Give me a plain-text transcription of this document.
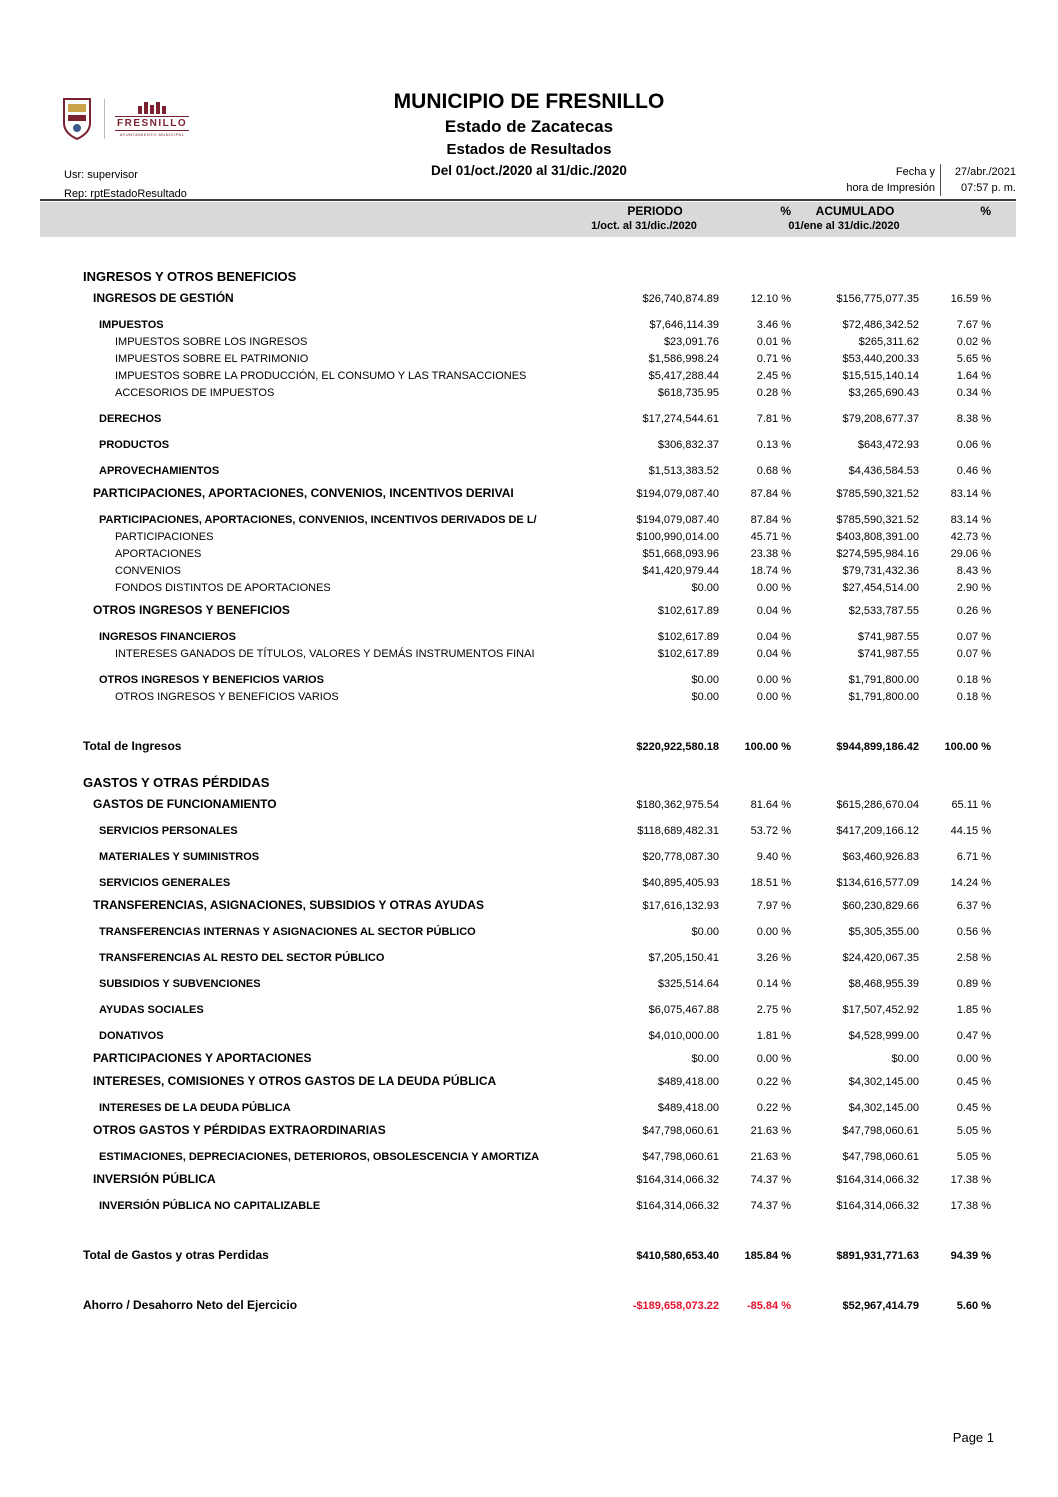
FRESNILLO
AYUNTAMIENTO MUNICIPAL
MUNICIPIO DE FRESNILLO
Estado de Zacatecas
Estados de Resultados
Del 01/oct./2020 al 31/dic./2020
Usr: supervisor
Rep: rptEstadoResultado
Fecha y	27/abr./2021
hora de Impresión	07:57 p. m.
PERIODO	%	ACUMULADO	%
1/oct. al 31/dic./2020	01/ene al 31/dic./2020
INGRESOS Y OTROS BENEFICIOS
INGRESOS DE GESTIÓN	$26,740,874.89	12.10 %	$156,775,077.35	16.59 %
IMPUESTOS	$7,646,114.39	3.46 %	$72,486,342.52	7.67 %
IMPUESTOS SOBRE LOS INGRESOS	$23,091.76	0.01 %	$265,311.62	0.02 %
IMPUESTOS SOBRE EL PATRIMONIO	$1,586,998.24	0.71 %	$53,440,200.33	5.65 %
IMPUESTOS SOBRE LA PRODUCCIÓN, EL CONSUMO Y LAS TRANSACCIONES	$5,417,288.44	2.45 %	$15,515,140.14	1.64 %
ACCESORIOS DE IMPUESTOS	$618,735.95	0.28 %	$3,265,690.43	0.34 %
DERECHOS	$17,274,544.61	7.81 %	$79,208,677.37	8.38 %
PRODUCTOS	$306,832.37	0.13 %	$643,472.93	0.06 %
APROVECHAMIENTOS	$1,513,383.52	0.68 %	$4,436,584.53	0.46 %
PARTICIPACIONES, APORTACIONES, CONVENIOS, INCENTIVOS DERIVAI	$194,079,087.40	87.84 %	$785,590,321.52	83.14 %
PARTICIPACIONES, APORTACIONES, CONVENIOS, INCENTIVOS DERIVADOS DE L/	$194,079,087.40	87.84 %	$785,590,321.52	83.14 %
PARTICIPACIONES	$100,990,014.00	45.71 %	$403,808,391.00	42.73 %
APORTACIONES	$51,668,093.96	23.38 %	$274,595,984.16	29.06 %
CONVENIOS	$41,420,979.44	18.74 %	$79,731,432.36	8.43 %
FONDOS DISTINTOS DE APORTACIONES	$0.00	0.00 %	$27,454,514.00	2.90 %
OTROS INGRESOS Y BENEFICIOS	$102,617.89	0.04 %	$2,533,787.55	0.26 %
INGRESOS FINANCIEROS	$102,617.89	0.04 %	$741,987.55	0.07 %
INTERESES GANADOS DE TÍTULOS, VALORES Y DEMÁS INSTRUMENTOS FINAI	$102,617.89	0.04 %	$741,987.55	0.07 %
OTROS INGRESOS Y BENEFICIOS VARIOS	$0.00	0.00 %	$1,791,800.00	0.18 %
OTROS INGRESOS Y BENEFICIOS VARIOS	$0.00	0.00 %	$1,791,800.00	0.18 %
Total de Ingresos	$220,922,580.18	100.00 %	$944,899,186.42	100.00 %
GASTOS Y OTRAS PÉRDIDAS
GASTOS DE FUNCIONAMIENTO	$180,362,975.54	81.64 %	$615,286,670.04	65.11 %
SERVICIOS PERSONALES	$118,689,482.31	53.72 %	$417,209,166.12	44.15 %
MATERIALES Y SUMINISTROS	$20,778,087.30	9.40 %	$63,460,926.83	6.71 %
SERVICIOS GENERALES	$40,895,405.93	18.51 %	$134,616,577.09	14.24 %
TRANSFERENCIAS, ASIGNACIONES, SUBSIDIOS Y OTRAS AYUDAS	$17,616,132.93	7.97 %	$60,230,829.66	6.37 %
TRANSFERENCIAS INTERNAS Y ASIGNACIONES AL SECTOR PÚBLICO	$0.00	0.00 %	$5,305,355.00	0.56 %
TRANSFERENCIAS AL RESTO DEL SECTOR PÚBLICO	$7,205,150.41	3.26 %	$24,420,067.35	2.58 %
SUBSIDIOS Y SUBVENCIONES	$325,514.64	0.14 %	$8,468,955.39	0.89 %
AYUDAS SOCIALES	$6,075,467.88	2.75 %	$17,507,452.92	1.85 %
DONATIVOS	$4,010,000.00	1.81 %	$4,528,999.00	0.47 %
PARTICIPACIONES Y APORTACIONES	$0.00	0.00 %	$0.00	0.00 %
INTERESES, COMISIONES Y OTROS GASTOS DE LA DEUDA PÚBLICA	$489,418.00	0.22 %	$4,302,145.00	0.45 %
INTERESES DE LA DEUDA PÚBLICA	$489,418.00	0.22 %	$4,302,145.00	0.45 %
OTROS GASTOS Y PÉRDIDAS EXTRAORDINARIAS	$47,798,060.61	21.63 %	$47,798,060.61	5.05 %
ESTIMACIONES, DEPRECIACIONES, DETERIOROS, OBSOLESCENCIA Y AMORTIZA	$47,798,060.61	21.63 %	$47,798,060.61	5.05 %
INVERSIÓN PÚBLICA	$164,314,066.32	74.37 %	$164,314,066.32	17.38 %
INVERSIÓN PÚBLICA NO CAPITALIZABLE	$164,314,066.32	74.37 %	$164,314,066.32	17.38 %
Total de Gastos y otras Perdidas	$410,580,653.40	185.84 %	$891,931,771.63	94.39 %
Ahorro / Desahorro Neto del Ejercicio	-$189,658,073.22	-85.84 %	$52,967,414.79	5.60 %
Page 1
